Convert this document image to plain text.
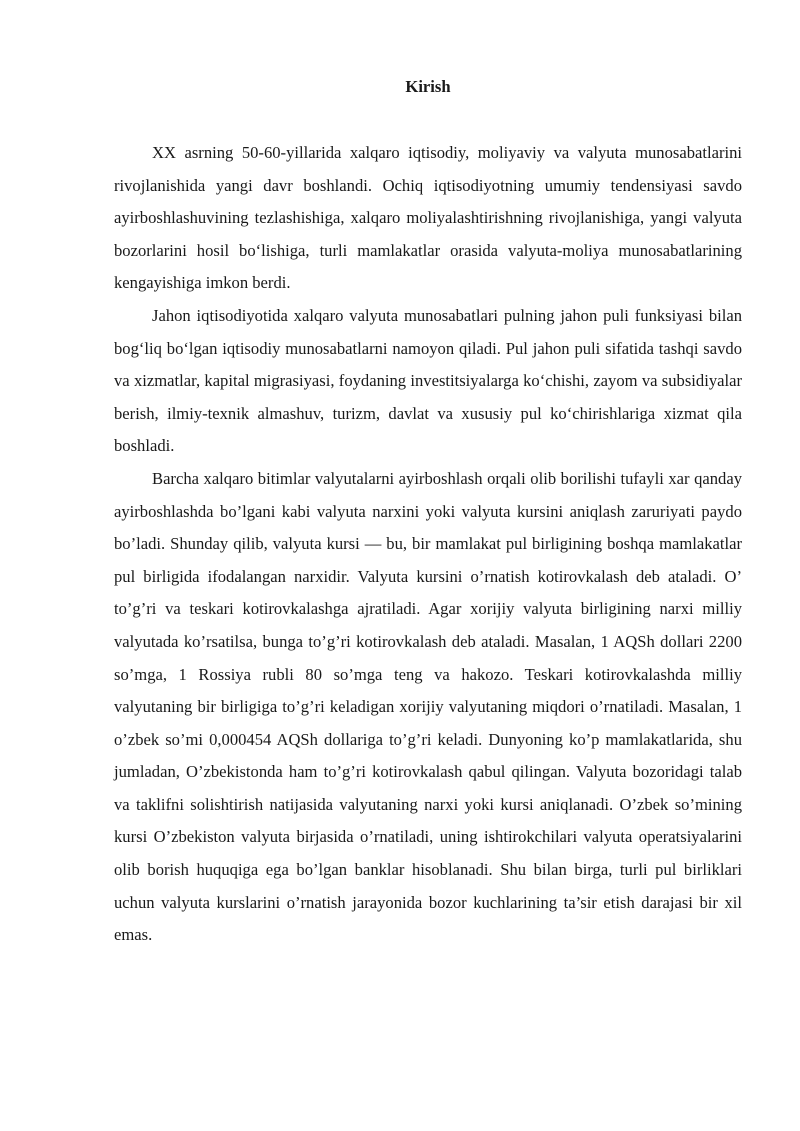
Kirish

XX asrning 50-60-yillarida xalqaro iqtisodiy, moliyaviy va valyuta munosabatlarini rivojlanishida yangi davr boshlandi. Ochiq iqtisodiyotning umumiy tendensiyasi savdo ayirboshlashuvining tezlashishiga, xalqaro moliyalashtirishning rivojlanishiga, yangi valyuta bozorlarini hosil bo‘lishiga, turli mamlakatlar orasida valyuta-moliya munosabatlarining kengayishiga imkon berdi.

Jahon iqtisodiyotida xalqaro valyuta munosabatlari pulning jahon puli funksiyasi bilan bog‘liq bo‘lgan iqtisodiy munosabatlarni namoyon qiladi. Pul jahon puli sifatida tashqi savdo va xizmatlar, kapital migrasiyasi, foydaning investitsiyalarga ko‘chishi, zayom va subsidiyalar berish, ilmiy-texnik almashuv, turizm, davlat va xususiy pul ko‘chirishlariga xizmat qila boshladi.

Barcha xalqaro bitimlar valyutalarni ayirboshlash orqali olib borilishi tufayli xar qanday ayirboshlashda bo’lgani kabi valyuta narxini yoki valyuta kursini aniqlash zaruriyati paydo bo’ladi. Shunday qilib, valyuta kursi — bu, bir mamlakat pul birligining boshqa mamlakatlar pul birligida ifodalangan narxidir. Valyuta kursini o’rnatish kotirovkalash deb ataladi. O’ to’g’ri va teskari kotirovkalashga ajratiladi. Agar xorijiy valyuta birligining narxi milliy valyutada ko’rsatilsa, bunga to’g’ri kotirovkalash deb ataladi. Masalan, 1 AQSh dollari 2200 so’mga, 1 Rossiya rubli 80 so’mga teng va hakozo. Teskari kotirovkalashda milliy valyutaning bir birligiga to’g’ri keladigan xorijiy valyutaning miqdori o’rnatiladi. Masalan, 1 o’zbek so’mi 0,000454 AQSh dollariga to’g’ri keladi. Dunyoning ko’p mamlakatlarida, shu jumladan, O’zbekistonda ham to’g’ri kotirovkalash qabul qilingan. Valyuta bozoridagi talab va taklifni solishtirish natijasida valyutaning narxi yoki kursi aniqlanadi. O’zbek so’mining kursi O’zbekiston valyuta birjasida o’rnatiladi, uning ishtirokchilari valyuta operatsiyalarini olib borish huquqiga ega bo’lgan banklar hisoblanadi. Shu bilan birga, turli pul birliklari uchun valyuta kurslarini o’rnatish jarayonida bozor kuchlarining ta’sir etish darajasi bir xil emas.
